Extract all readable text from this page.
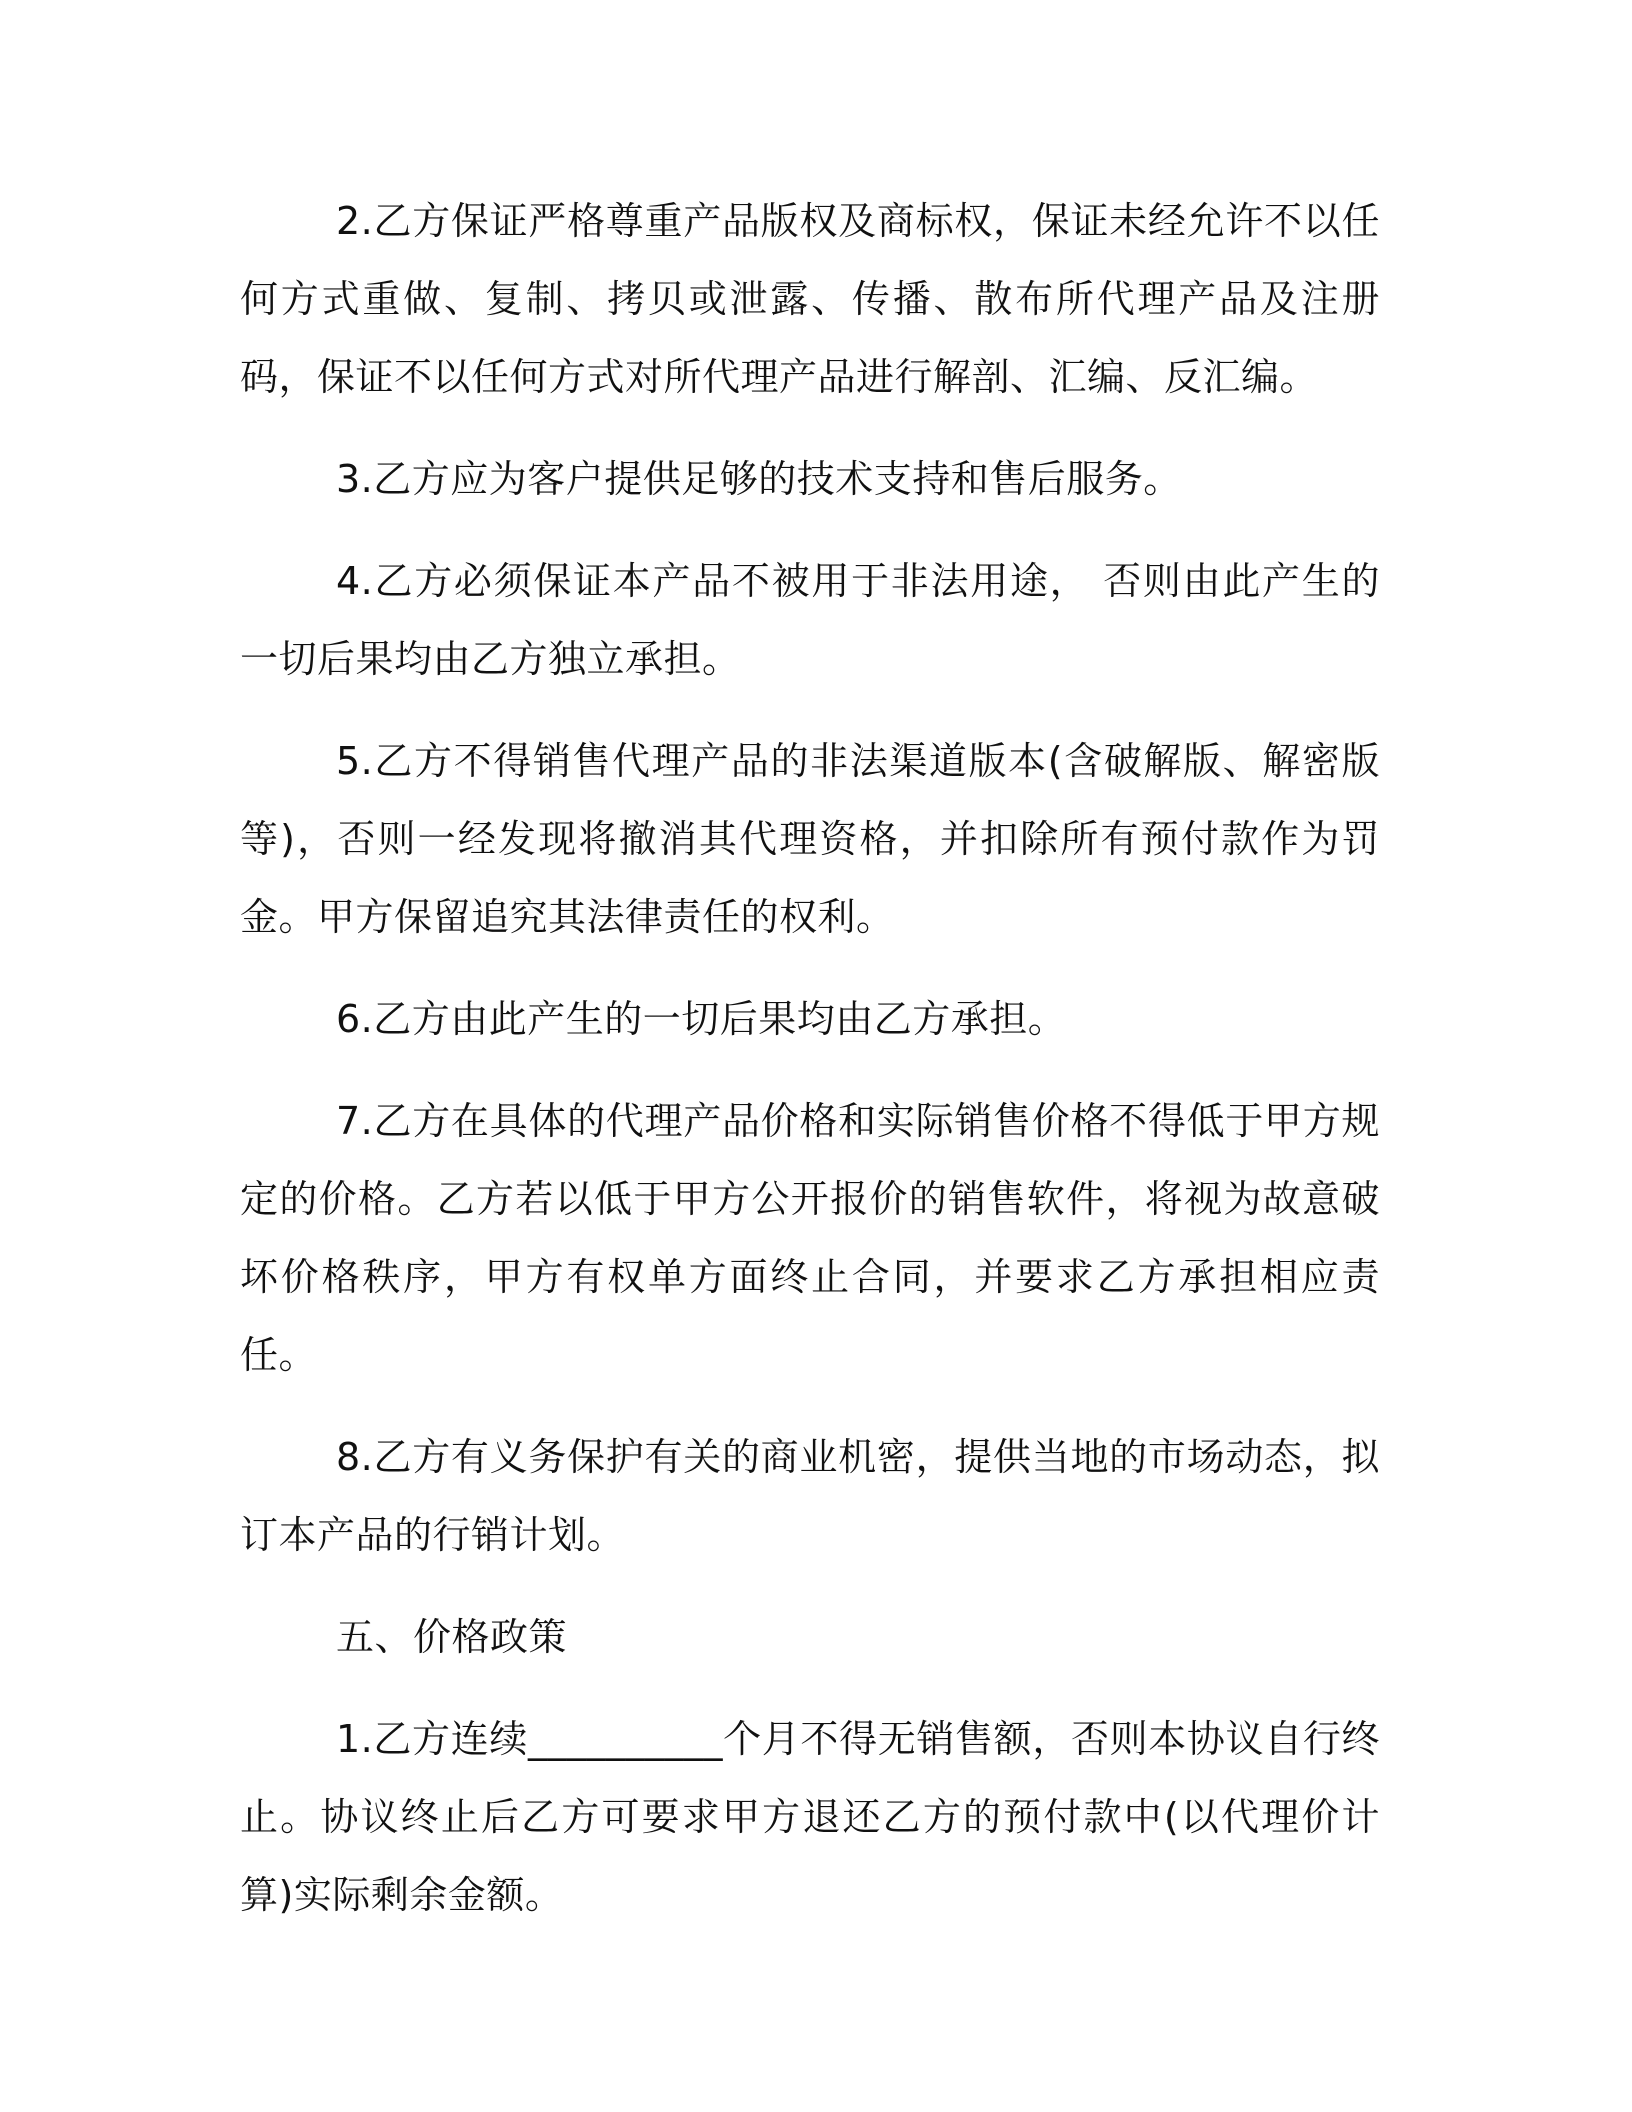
2.乙方保证严格尊重产品版权及商标权，保证未经允许不以任何方式重做、复制、拷贝或泄露、传播、散布所代理产品及注册码，保证不以任何方式对所代理产品进行解剖、汇编、反汇编。

3.乙方应为客户提供足够的技术支持和售后服务。

4.乙方必须保证本产品不被用于非法用途， 否则由此产生的一切后果均由乙方独立承担。

5.乙方不得销售代理产品的非法渠道版本(含破解版、解密版等)，否则一经发现将撤消其代理资格，并扣除所有预付款作为罚金。甲方保留追究其法律责任的权利。

6.乙方由此产生的一切后果均由乙方承担。

7.乙方在具体的代理产品价格和实际销售价格不得低于甲方规定的价格。乙方若以低于甲方公开报价的销售软件，将视为故意破坏价格秩序，甲方有权单方面终止合同，并要求乙方承担相应责任。

8.乙方有义务保护有关的商业机密，提供当地的市场动态，拟订本产品的行销计划。

五、价格政策

1.乙方连续__________个月不得无销售额，否则本协议自行终止。协议终止后乙方可要求甲方退还乙方的预付款中(以代理价计算)实际剩余金额。
